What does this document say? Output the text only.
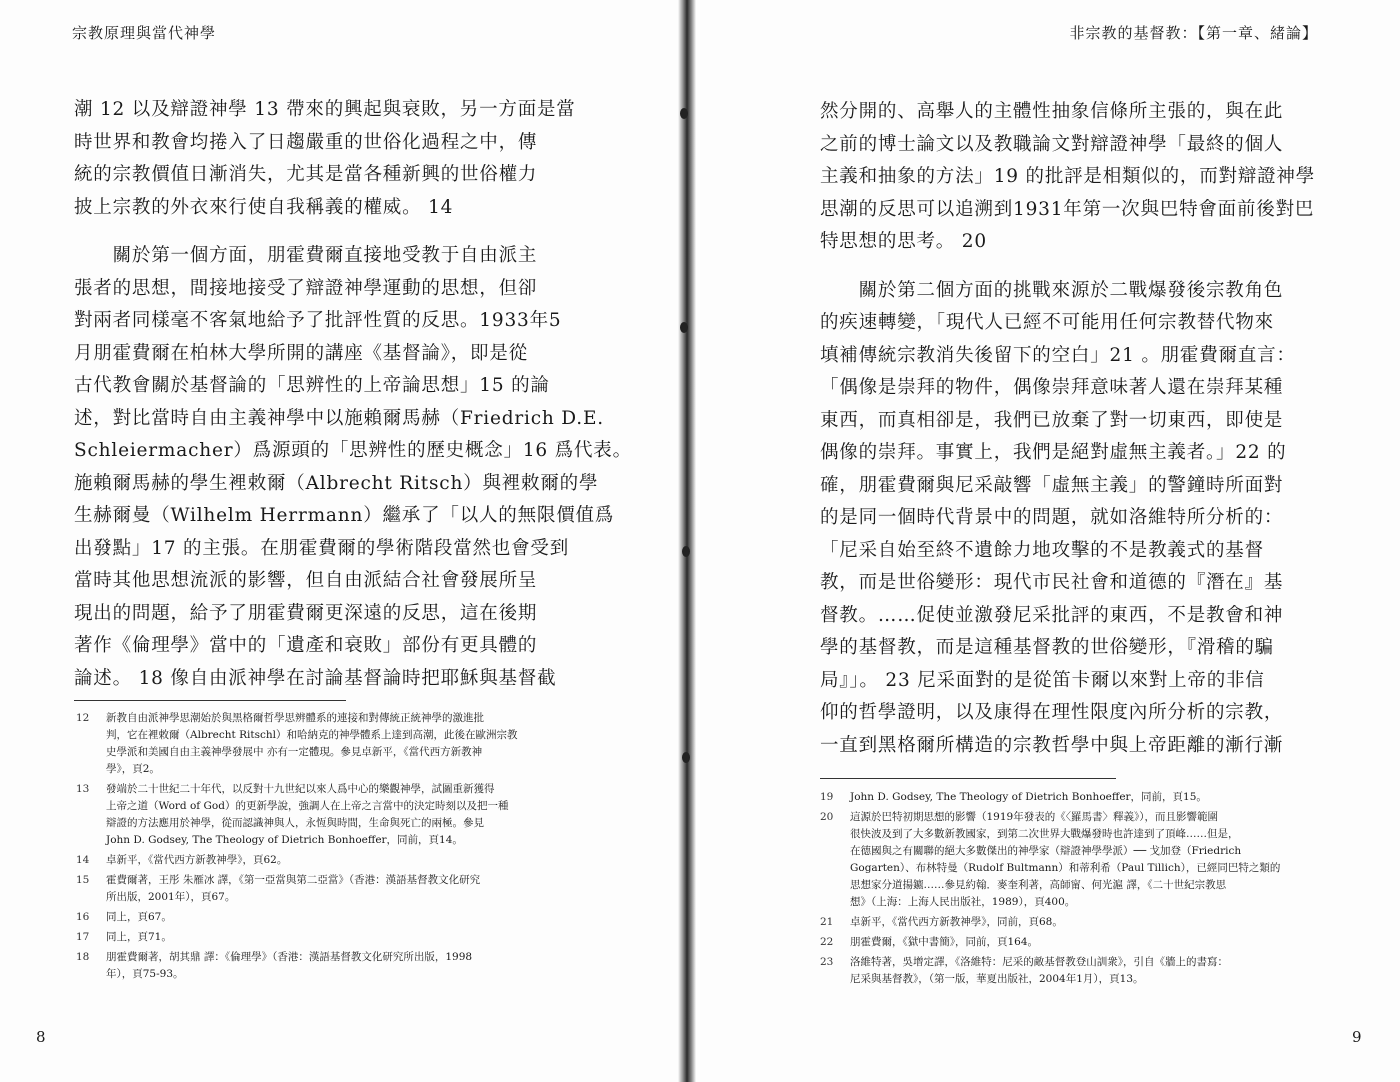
宗教原理與當代神學
潮 12 以及辯證神學 13 帶來的興起與衰敗，另一方面是當
時世界和教會均捲入了日趨嚴重的世俗化過程之中，傳
統的宗教價值日漸消失，尤其是當各種新興的世俗權力
披上宗教的外衣來行使自我稱義的權威。 14
　　關於第一個方面，朋霍費爾直接地受教于自由派主
張者的思想，間接地接受了辯證神學運動的思想，但卻
對兩者同樣毫不客氣地給予了批評性質的反思。1933年5
月朋霍費爾在柏林大學所開的講座《基督論》，即是從
古代教會關於基督論的「思辨性的上帝論思想」15 的論
述，對比當時自由主義神學中以施賴爾馬赫（Friedrich D.E.
Schleiermacher）爲源頭的「思辨性的歷史概念」16 爲代表。
施賴爾馬赫的學生裡敕爾（Albrecht Ritsch）與裡敕爾的學
生赫爾曼（Wilhelm Herrmann）繼承了「以人的無限價值爲
出發點」17 的主張。在朋霍費爾的學術階段當然也會受到
當時其他思想流派的影響，但自由派結合社會發展所呈
現出的問題，給予了朋霍費爾更深遠的反思，這在後期
著作《倫理學》當中的「遺產和衰敗」部份有更具體的
論述。 18 像自由派神學在討論基督論時把耶穌與基督截
12	新教自由派神學思潮始於與黑格爾哲學思辨體系的連接和對傳統正統神學的激進批
判，它在裡敕爾（Albrecht Ritschl）和哈納克的神學體系上達到高潮，此後在歐洲宗教
史學派和美國自由主義神學發展中 亦有一定體現。參見卓新平，《當代西方新教神
學》，頁2。
13	發端於二十世紀二十年代，以反對十九世紀以來人爲中心的樂觀神學，試圖重新獲得
上帝之道（Word of God）的更新學說，強調人在上帝之言當中的決定時刻以及把一種
辯證的方法應用於神學，從而認識神與人，永恆與時間，生命與死亡的兩極。參見
John D. Godsey, The Theology of Dietrich Bonhoeffer，同前，頁14。
14	卓新平，《當代西方新教神學》，頁62。
15	霍費爾著，王彤 朱雁冰 譯，《第一亞當與第二亞當》（香港：漢語基督教文化研究
所出版，2001年），頁67。
16	同上，頁67。
17	同上，頁71。
18	朋霍費爾著，胡其鼎 譯：《倫理學》（香港：漢語基督教文化研究所出版，1998
年），頁75-93。
8
非宗教的基督教：【第一章、緒論】
然分開的、高舉人的主體性抽象信條所主張的，與在此
之前的博士論文以及教職論文對辯證神學「最終的個人
主義和抽象的方法」19 的批評是相類似的，而對辯證神學
思潮的反思可以追溯到1931年第一次與巴特會面前後對巴
特思想的思考。 20
　　關於第二個方面的挑戰來源於二戰爆發後宗教角色
的疾速轉變，「現代人已經不可能用任何宗教替代物來
填補傳統宗教消失後留下的空白」21 。朋霍費爾直言：
「偶像是崇拜的物件，偶像崇拜意味著人還在崇拜某種
東西，而真相卻是，我們已放棄了對一切東西，即使是
偶像的崇拜。事實上，我們是絕對虛無主義者。」22 的
確，朋霍費爾與尼采敲響「虛無主義」的警鐘時所面對
的是同一個時代背景中的問題，就如洛維特所分析的：
「尼采自始至終不遺餘力地攻擊的不是教義式的基督
教，而是世俗變形：現代市民社會和道德的『潛在』基
督教。……促使並激發尼采批評的東西，不是教會和神
學的基督教，而是這種基督教的世俗變形，『滑稽的騙
局』」。 23 尼采面對的是從笛卡爾以來對上帝的非信
仰的哲學證明，以及康得在理性限度內所分析的宗教，
一直到黑格爾所構造的宗教哲學中與上帝距離的漸行漸
19	John D. Godsey, The Theology of Dietrich Bonhoeffer，同前，頁15。
20	這源於巴特初期思想的影響（1919年發表的《〈羅馬書〉釋義》），而且影響範圍
很快波及到了大多數新教國家，到第二次世界大戰爆發時也許達到了頂峰……但是，
在德國與之有關聯的絕大多數傑出的神學家（辯證神學學派）── 戈加登（Friedrich
Gogarten）、布林特曼（Rudolf Bultmann）和蒂利希（Paul Tillich），已經同巴特之類的
思想家分道揚鑣……參見約翰．麥奎利著，高師甯、何光滬 譯，《二十世紀宗教思
想》（上海：上海人民出版社，1989），頁400。
21	卓新平，《當代西方新教神學》，同前，頁68。
22	朋霍費爾，《獄中書簡》，同前，頁164。
23	洛維特著，吳增定譯，《洛維特：尼采的敵基督教登山訓衆》，引自《牆上的書寫：
尼采與基督教》，（第一版，華夏出版社，2004年1月），頁13。
9
